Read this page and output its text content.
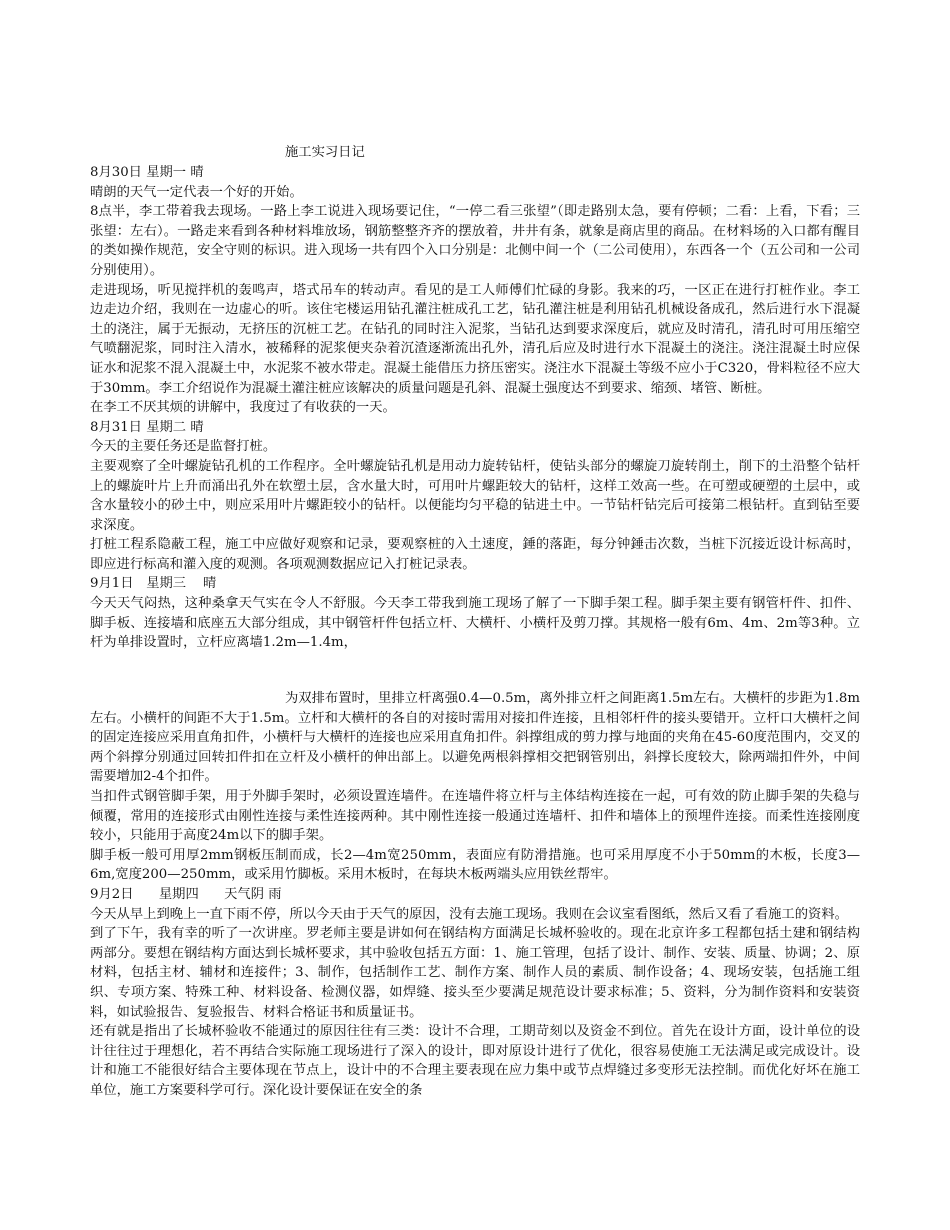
施工实习日记

8月30日 星期一 晴

晴朗的天气一定代表一个好的开始。

8点半，李工带着我去现场。一路上李工说进入现场要记住，“一停二看三张望”（即走路别太急，要有停顿；二看：上看，下看；三张望：左右）。一路走来看到各种材料堆放场，钢筋整整齐齐的摆放着，井井有条，就象是商店里的商品。在材料场的入口都有醒目的类如操作规范，安全守则的标识。进入现场一共有四个入口分别是：北侧中间一个（二公司使用），东西各一个（五公司和一公司分别使用）。

走进现场，听见搅拌机的轰鸣声，塔式吊车的转动声。看见的是工人师傅们忙碌的身影。我来的巧，一区正在进行打桩作业。李工边走边介绍，我则在一边虚心的听。该住宅楼运用钻孔灌注桩成孔工艺，钻孔灌注桩是利用钻孔机械设备成孔，然后进行水下混凝土的浇注，属于无振动，无挤压的沉桩工艺。在钻孔的同时注入泥浆，当钻孔达到要求深度后，就应及时清孔，清孔时可用压缩空气喷翻泥浆，同时注入清水，被稀释的泥浆便夹杂着沉渣逐渐流出孔外，清孔后应及时进行水下混凝土的浇注。浇注混凝土时应保证水和泥浆不混入混凝土中，水泥浆不被水带走。混凝土能借压力挤压密实。浇注水下混凝土等级不应小于C320，骨料粒径不应大于30mm。李工介绍说作为混凝土灌注桩应该解决的质量问题是孔斜、混凝土强度达不到要求、缩颈、堵管、断桩。

在李工不厌其烦的讲解中，我度过了有收获的一天。

8月31日 星期二 晴

今天的主要任务还是监督打桩。

主要观察了全叶螺旋钻孔机的工作程序。全叶螺旋钻孔机是用动力旋转钻杆，使钻头部分的螺旋刀旋转削土，削下的土沿整个钻杆上的螺旋叶片上升而涌出孔外在软塑土层，含水量大时，可用叶片螺距较大的钻杆，这样工效高一些。在可塑或硬塑的土层中，或含水量较小的砂土中，则应采用叶片螺距较小的钻杆。以便能均匀平稳的钻进土中。一节钻杆钻完后可接第二根钻杆。直到钻至要求深度。

打桩工程系隐蔽工程，施工中应做好观察和记录，要观察桩的入土速度，錘的落距，每分钟錘击次数，当桩下沉接近设计标高时，即应进行标高和灌入度的观测。各项观测数据应记入打桩记录表。

9月1日   星期三    晴

今天天气闷热，这种桑拿天气实在令人不舒服。今天李工带我到施工现场了解了一下脚手架工程。脚手架主要有钢管杆件、扣件、脚手板、连接墙和底座五大部分组成，其中钢管杆件包括立杆、大横杆、小横杆及剪刀撑。其规格一般有6m、4m、2m等3种。立杆为单排设置时，立杆应离墙1.2m—1.4m，

为双排布置时，里排立杆离强0.4—0.5m，离外排立杆之间距离1.5m左右。大横杆的步距为1.8m左右。小横杆的间距不大于1.5m。立杆和大横杆的各自的对接时需用对接扣件连接，且相邻杆件的接头要错开。立杆口大横杆之间的固定连接应采用直角扣件，小横杆与大横杆的连接也应采用直角扣件。斜撑组成的剪力撑与地面的夹角在45-60度范围内，交叉的两个斜撑分别通过回转扣件扣在立杆及小横杆的伸出部上。以避免两根斜撑相交把钢管别出，斜撑长度较大，除两端扣件外，中间需要增加2-4个扣件。

当扣件式钢管脚手架，用于外脚手架时，必须设置连墙件。在连墙件将立杆与主体结构连接在一起，可有效的防止脚手架的失稳与倾覆，常用的连接形式由刚性连接与柔性连接两种。其中刚性连接一般通过连墙杆、扣件和墙体上的预埋件连接。而柔性连接刚度较小，只能用于高度24m以下的脚手架。

脚手板一般可用厚2mm钢板压制而成，长2—4m宽250mm，表面应有防滑措施。也可采用厚度不小于50mm的木板，长度3—6m,宽度200—250mm，或采用竹脚板。采用木板时，在每块木板两端头应用铁丝帮牢。

9月2日      星期四      天气阴 雨

今天从早上到晚上一直下雨不停，所以今天由于天气的原因，没有去施工现场。我则在会议室看图纸，然后又看了看施工的资料。

到了下午，我有幸的听了一次讲座。罗老师主要是讲如何在钢结构方面满足长城杯验收的。现在北京许多工程都包括土建和钢结构两部分。要想在钢结构方面达到长城杯要求，其中验收包括五方面：1、施工管理，包括了设计、制作、安装、质量、协调；2、原材料，包括主材、辅材和连接件；3、制作，包括制作工艺、制作方案、制作人员的素质、制作设备；4、现场安装，包括施工组织、专项方案、特殊工种、材料设备、检测仪器，如焊缝、接头至少要满足规范设计要求标准；5、资料，分为制作资料和安装资料，如试验报告、复验报告、材料合格证书和质量证书。

还有就是指出了长城杯验收不能通过的原因往往有三类：设计不合理，工期苛刻以及资金不到位。首先在设计方面，设计单位的设计往往过于理想化，若不再结合实际施工现场进行了深入的设计，即对原设计进行了优化，很容易使施工无法满足或完成设计。设计和施工不能很好结合主要体现在节点上，设计中的不合理主要表现在应力集中或节点焊缝过多变形无法控制。而优化好坏在施工单位，施工方案要科学可行。深化设计要保证在安全的条
